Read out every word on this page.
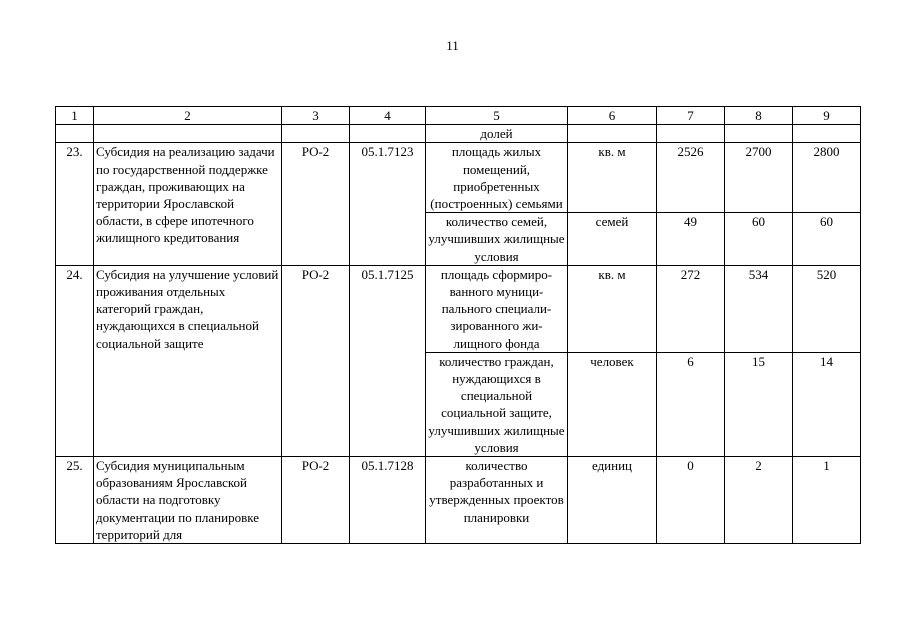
11
1	2	3	4	5	6	7	8	9
				долей				
23.	Субсидия на реализацию задачи по государственной поддержке граждан, проживающих на территории Ярославской области, в сфере ипотечного жилищного кредитования	РО-2	05.1.7123	площадь жилых помещений, приобретенных (построенных) семьями	кв. м	2526	2700	2800
				количество семей, улучшивших жилищные условия	семей	49	60	60
24.	Субсидия на улучшение условий проживания отдельных категорий граждан, нуждающихся в специальной социальной защите	РО-2	05.1.7125	площадь сформиро-ванного муници-пального специали-зированного жи-лищного фонда	кв. м	272	534	520
				количество граждан, нуждающихся в специальной социальной защите, улучшивших жилищные условия	человек	6	15	14
25.	Субсидия муниципальным образованиям Ярославской области на подготовку документации по планировке территорий для	РО-2	05.1.7128	количество разработанных и утвержденных проектов планировки	единиц	0	2	1
